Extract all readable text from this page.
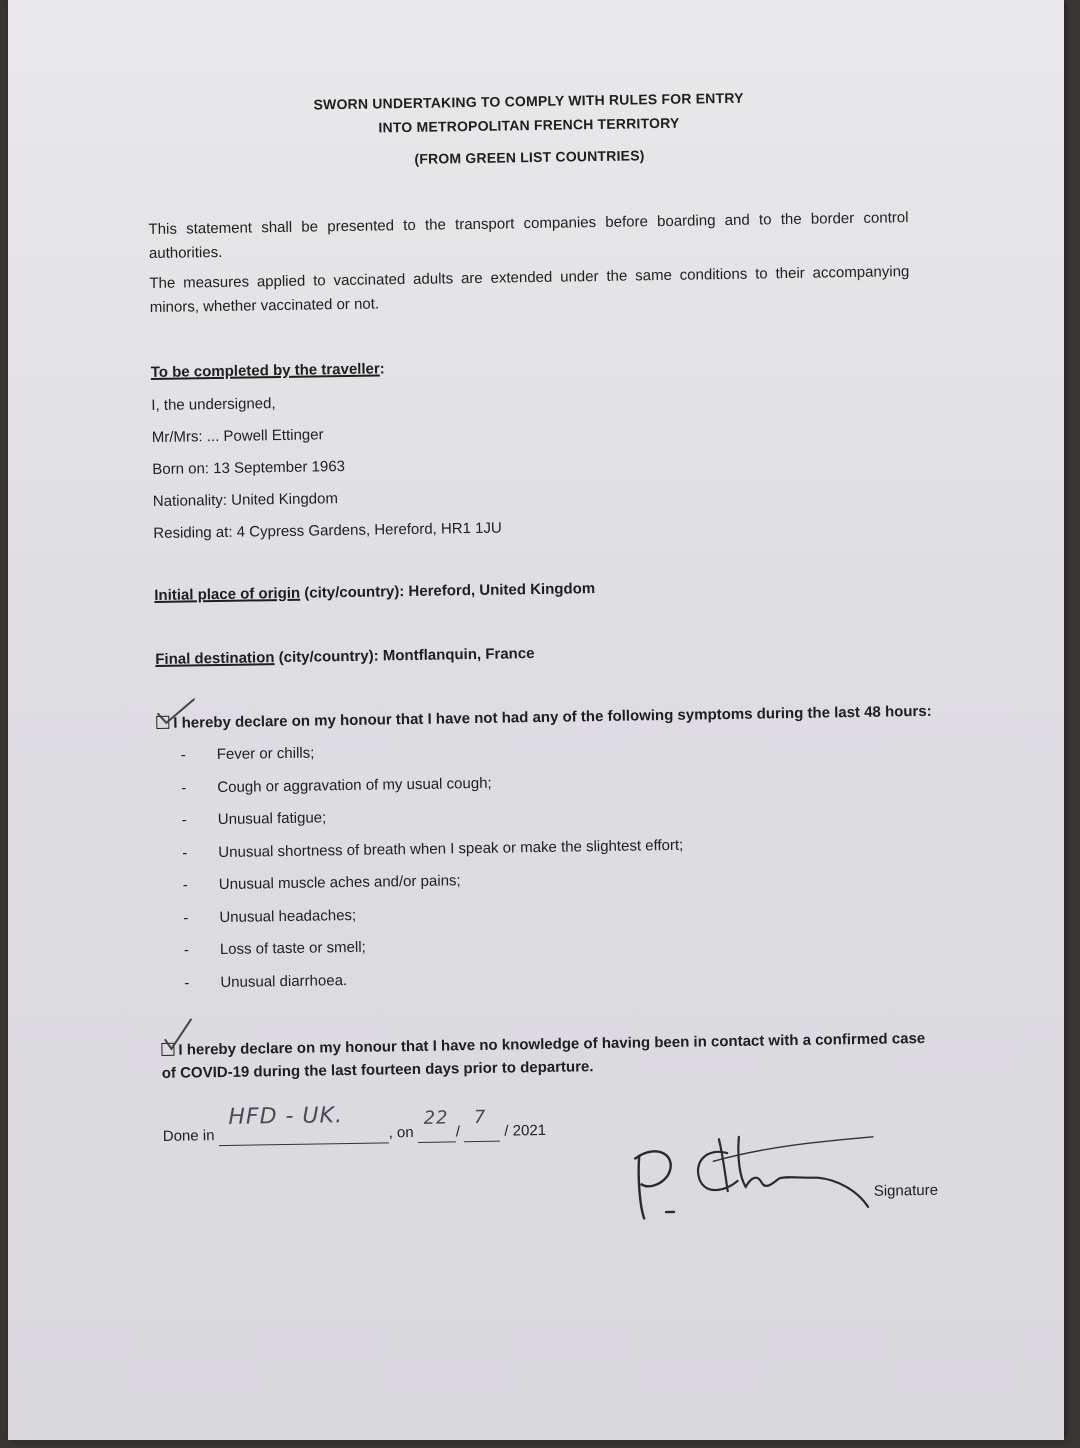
SWORN UNDERTAKING TO COMPLY WITH RULES FOR ENTRY
INTO METROPOLITAN FRENCH TERRITORY
(FROM GREEN LIST COUNTRIES)
This statement shall be presented to the transport companies before boarding and to the border control authorities.
The measures applied to vaccinated adults are extended under the same conditions to their accompanying minors, whether vaccinated or not.
To be completed by the traveller:
I, the undersigned,
Mr/Mrs: ... Powell Ettinger
Born on: 13 September 1963
Nationality: United Kingdom
Residing at: 4 Cypress Gardens, Hereford, HR1 1JU
Initial place of origin (city/country): Hereford, United Kingdom
Final destination (city/country): Montflanquin, France
I hereby declare on my honour that I have not had any of the following symptoms during the last 48 hours:
- Fever or chills;
- Cough or aggravation of my usual cough;
- Unusual fatigue;
- Unusual shortness of breath when I speak or make the slightest effort;
- Unusual muscle aches and/or pains;
- Unusual headaches;
- Loss of taste or smell;
- Unusual diarrhoea.
I hereby declare on my honour that I have no knowledge of having been in contact with a confirmed case
of COVID-19 during the last fourteen days prior to departure.
Done in
HFD - UK.
, on
22
/
7
/ 2021
Signature
